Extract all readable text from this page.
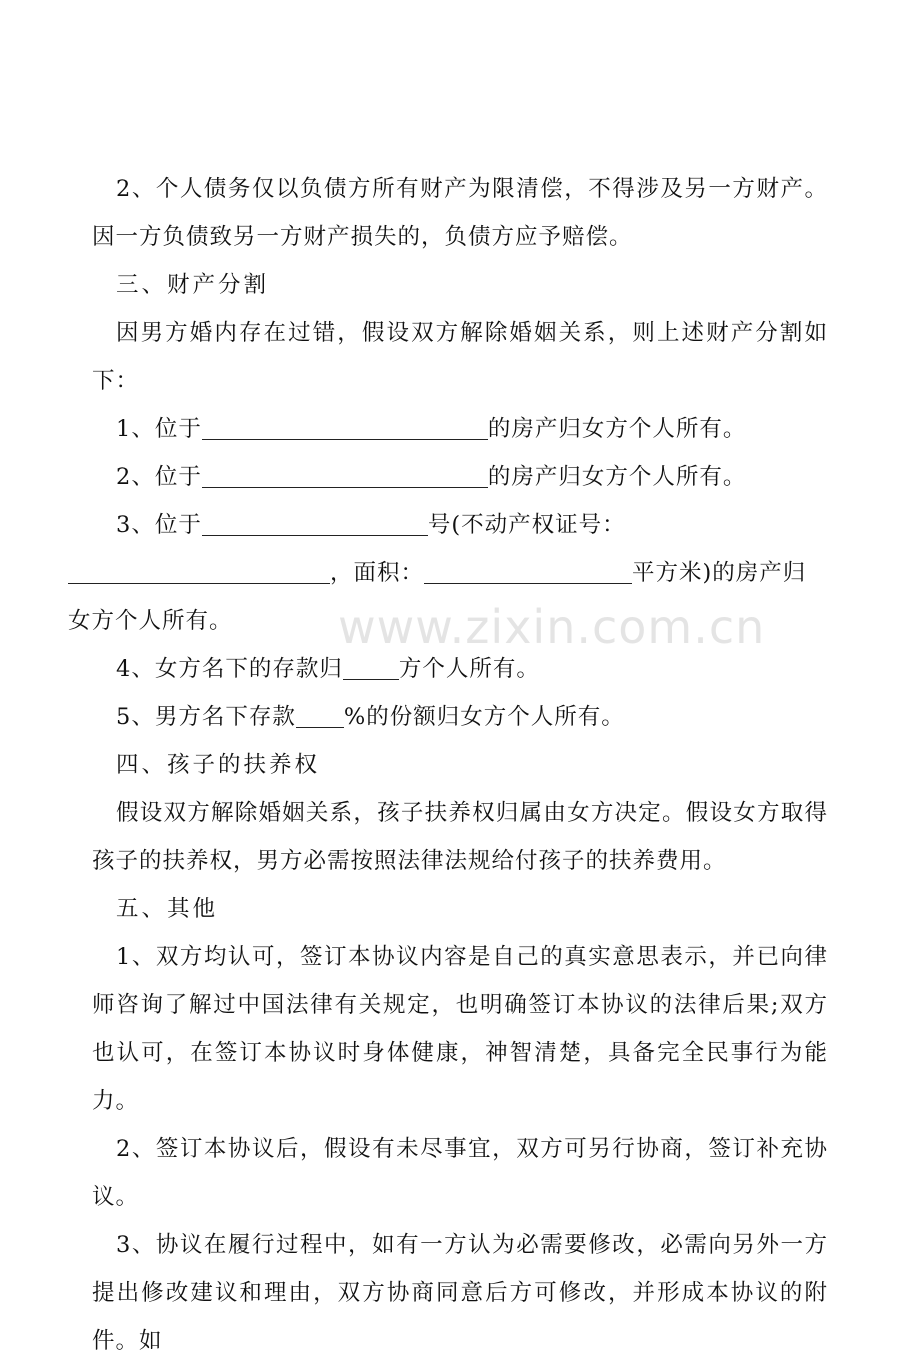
2、个人债务仅以负债方所有财产为限清偿，不得涉及另一方财产。因一方负债致另一方财产损失的，负债方应予赔偿。

三、财产分割

因男方婚内存在过错，假设双方解除婚姻关系，则上述财产分割如下：

1、位于	的房产归女方个人所有。

2、位于	的房产归女方个人所有。

3、位于	号(不动产权证号：
，面积：	平方米)的房产归
女方个人所有。

4、女方名下的存款归 方个人所有。

5、男方名下存款 %的份额归女方个人所有。

四、孩子的扶养权

假设双方解除婚姻关系，孩子扶养权归属由女方决定。假设女方取得孩子的扶养权，男方必需按照法律法规给付孩子的扶养费用。

五、其他

1、双方均认可，签订本协议内容是自己的真实意思表示，并已向律师咨询了解过中国法律有关规定，也明确签订本协议的法律后果;双方也认可，在签订本协议时身体健康，神智清楚，具备完全民事行为能力。

2、签订本协议后，假设有未尽事宜，双方可另行协商，签订补充协议。

3、协议在履行过程中，如有一方认为必需要修改，必需向另外一方提出修改建议和理由，双方协商同意后方可修改，并形成本协议的附件。如

www.zixin.com.cn
